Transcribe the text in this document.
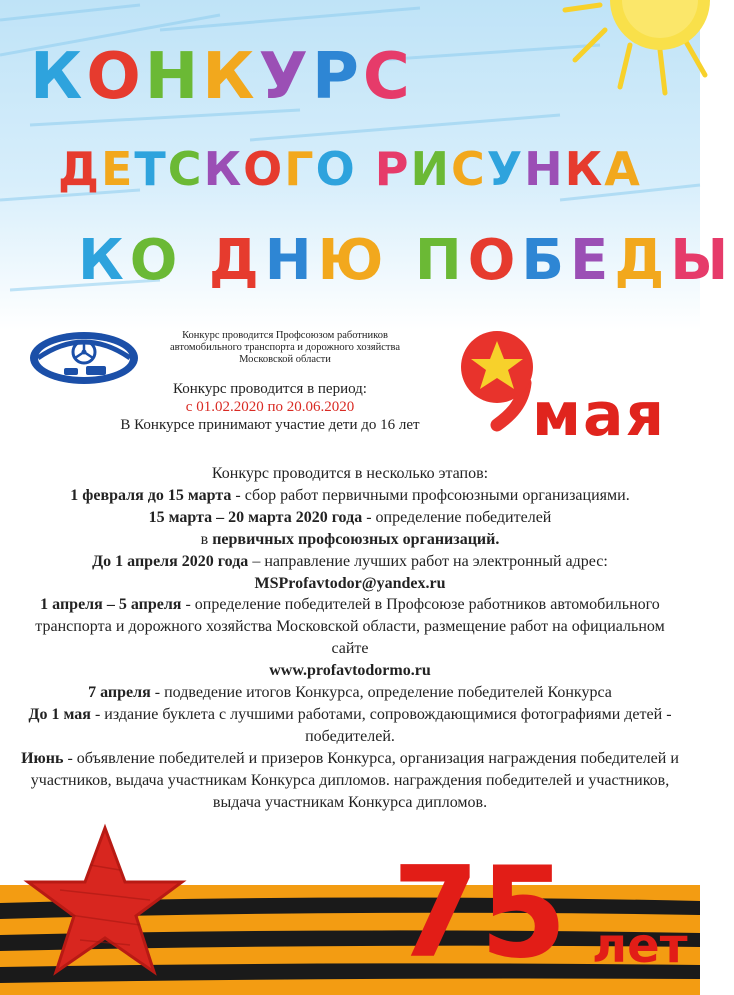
КОНКУРС
ДЕТСКОГО РИСУНКА
КО ДНЮ ПОБЕДЫ
Конкурс проводится Профсоюзом работников автомобильного транспорта и дорожного хозяйства Московской области
Конкурс проводится в период:
с 01.02.2020 по 20.06.2020
В Конкурсе принимают участие дети до 16 лет	мая

Конкурс проводится в несколько этапов:

1 февраля до 15 марта - сбор работ первичными профсоюзными организациями.

15 марта – 20 марта 2020 года - определение победителей
в первичных профсоюзных организаций.

До 1 апреля 2020 года – направление лучших работ на электронный адрес:

MSProfavtodor@yandex.ru

1 апреля – 5 апреля - определение победителей в Профсоюзе работников автомобильного транспорта и дорожного хозяйства Московской области, размещение работ на официальном сайте

www.profavtodormo.ru

7 апреля - подведение итогов Конкурса, определение победителей Конкурса

До 1 мая - издание буклета с лучшими работами, сопровождающимися фотографиями детей - победителей.

Июнь - объявление победителей и призеров Конкурса, организация награждения победителей и участников, выдача участникам Конкурса дипломов. награждения победителей и участников, выдача участникам Конкурса дипломов.

75 лет
